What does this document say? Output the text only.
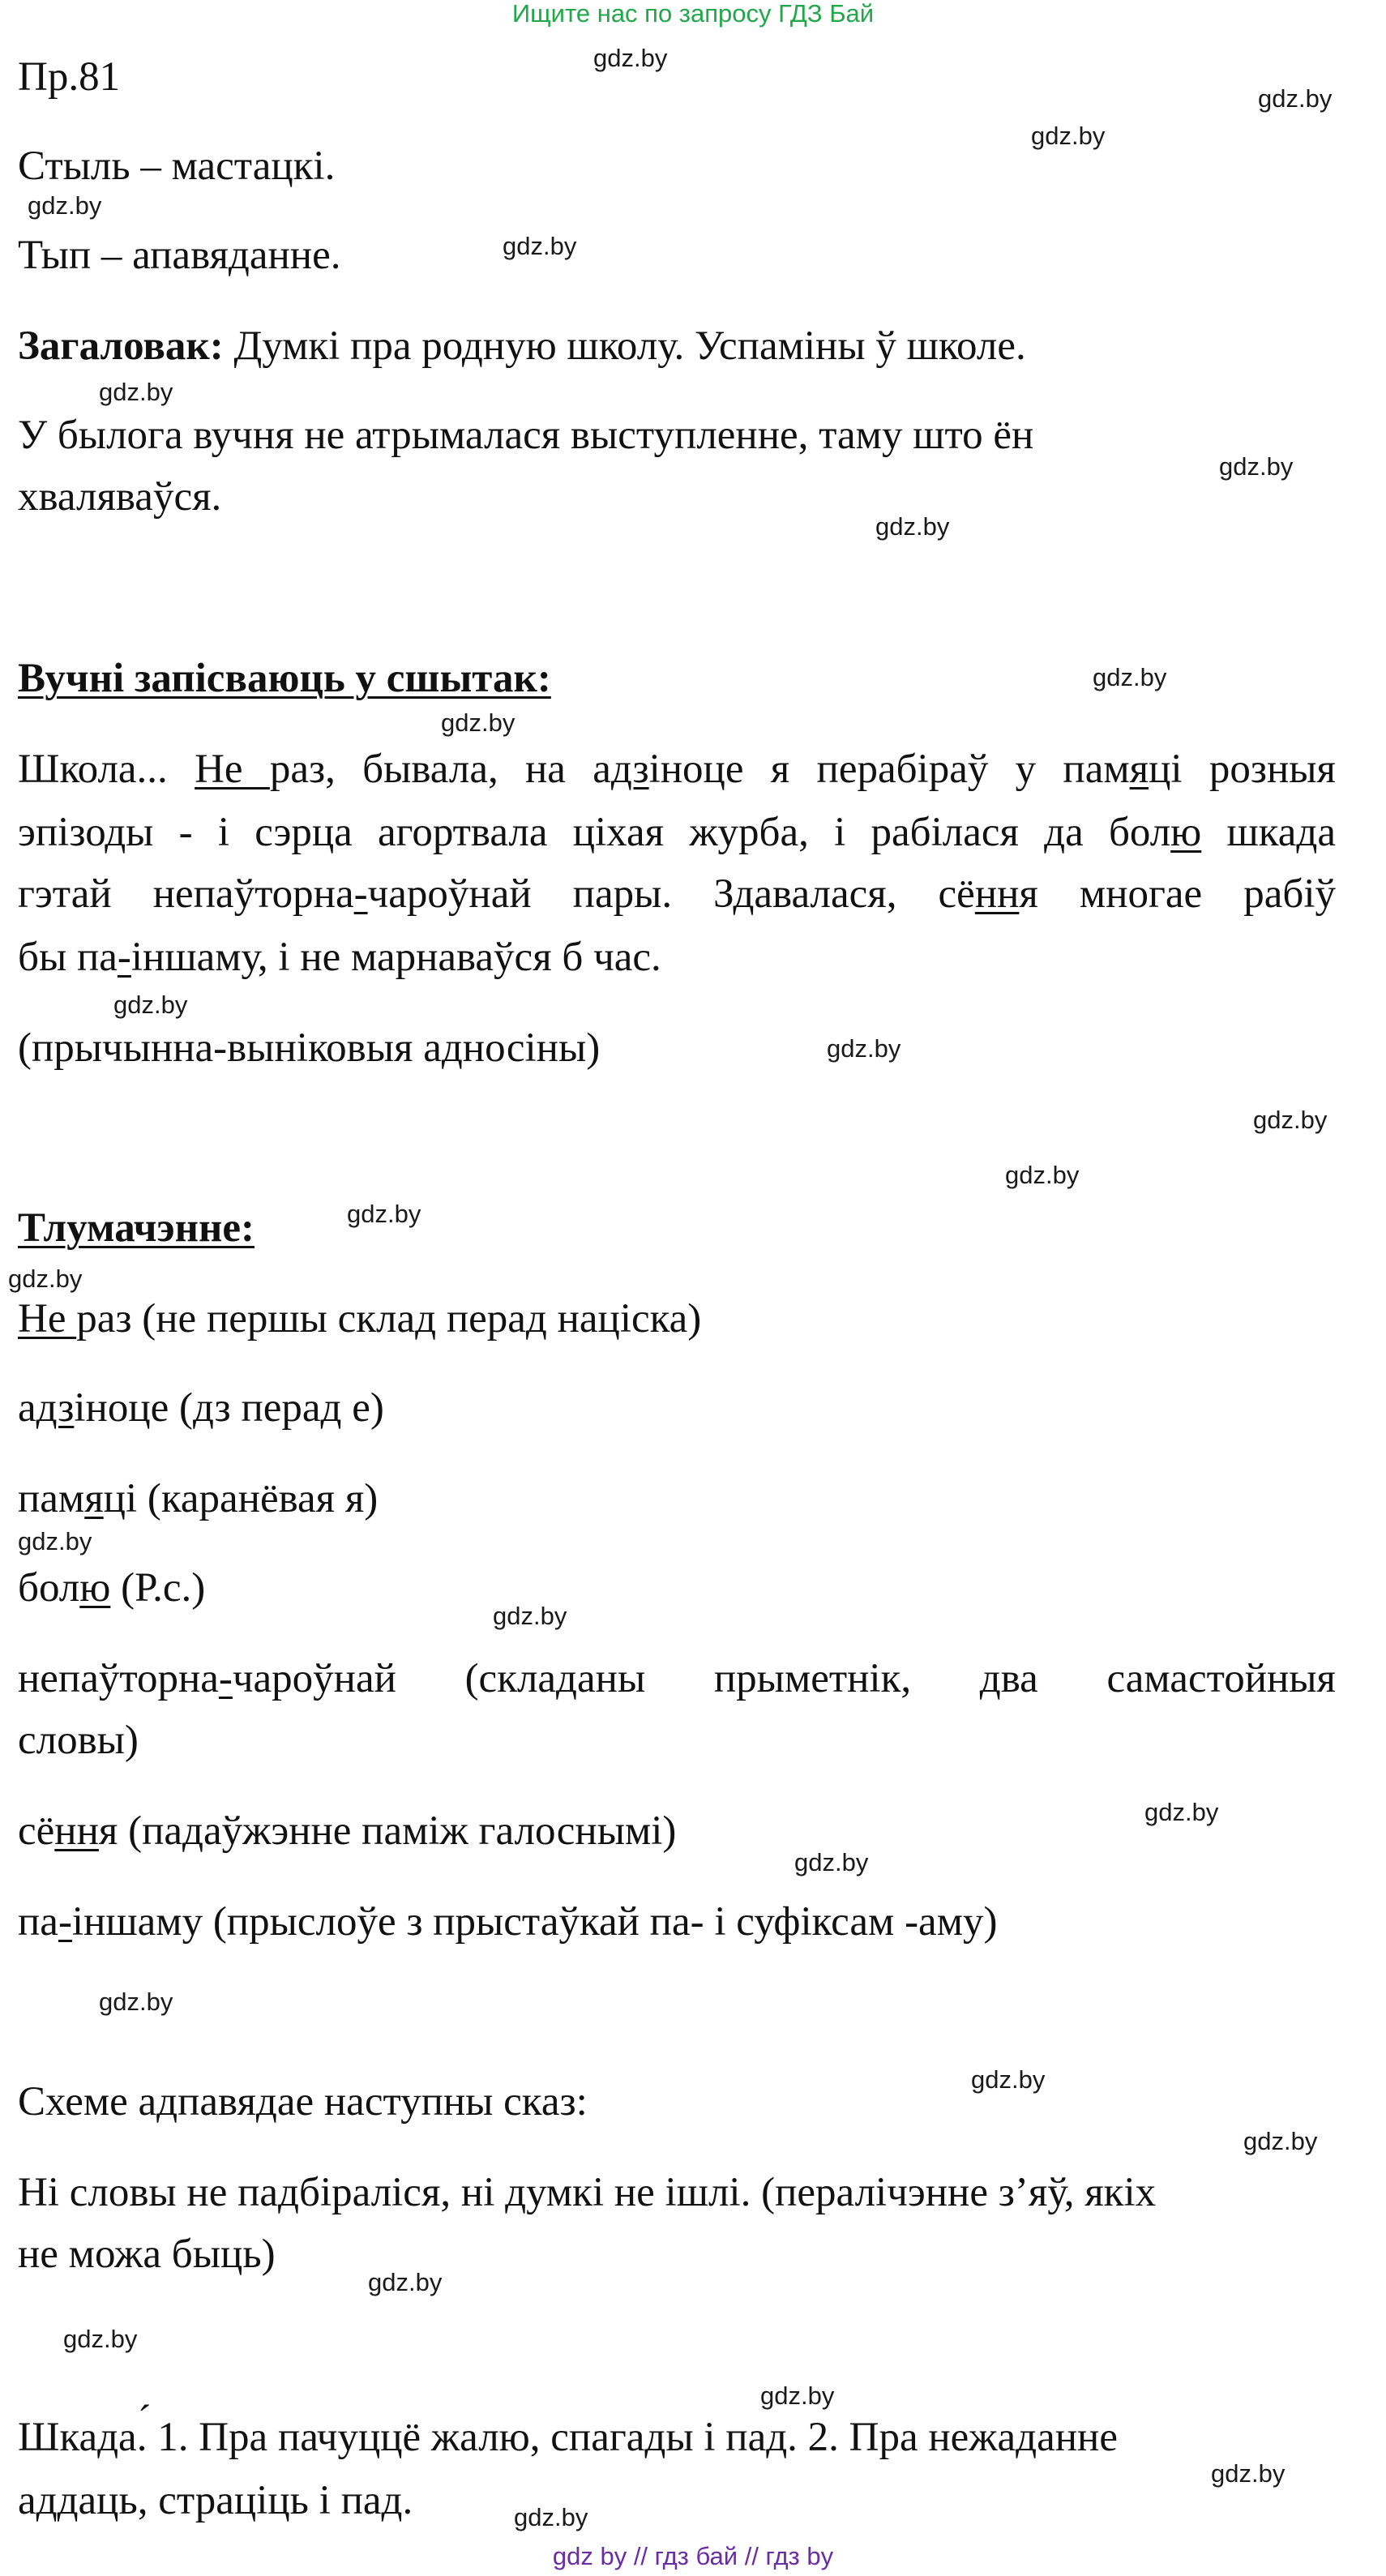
Ищите нас по запросу ГДЗ Бай
gdz.by
gdz.by
gdz.by
gdz.by
gdz.by
gdz.by
gdz.by
gdz.by
gdz.by
gdz.by
gdz.by
gdz.by
gdz.by
gdz.by
gdz.by
gdz.by
gdz.by
gdz.by
gdz.by
gdz.by
gdz.by
gdz.by
gdz.by
gdz.by
gdz.by
gdz.by
gdz.by
gdz.by
Пр.81
Стыль – мастацкі.
Тып – апавяданне.
Загаловак: Думкі пра родную школу. Успаміны ў школе.
У былога вучня не атрымалася выступленне, таму што ён
хваляваўся.
Вучні запісваюць у сшытак:
Школа... Не раз, бывала, на адзіноце я перабіраў у памяці розныя
эпізоды - і сэрца агортвала ціхая журба, і рабілася да болю шкада
гэтай непаўторна-чароўнай пары. Здавалася, сёння многае рабіў
бы па-іншаму, і не марнаваўся б час.
(прычынна-выніковыя адносіны)
Тлумачэнне:
Не раз (не першы склад перад націска)
адзіноце (дз перад е)
памяці (каранёвая я)
болю (Р.с.)
непаўторна-чароўнай (складаны прыметнік, два самастойныя
словы)
сёння (падаўжэнне паміж галоснымі)
па-іншаму (прыслоўе з прыстаўкай па- і суфіксам -аму)
Схеме адпавядае наступны сказ:
Ні словы не падбіраліся, ні думкі не ішлі. (пералічэнне з’яў, якіх
не можа быць)
Шкада ´. 1. Пра пачуццё жалю, спагады і пад. 2. Пра нежаданне
аддаць, страціць і пад.
gdz by // гдз бай // гдз by
